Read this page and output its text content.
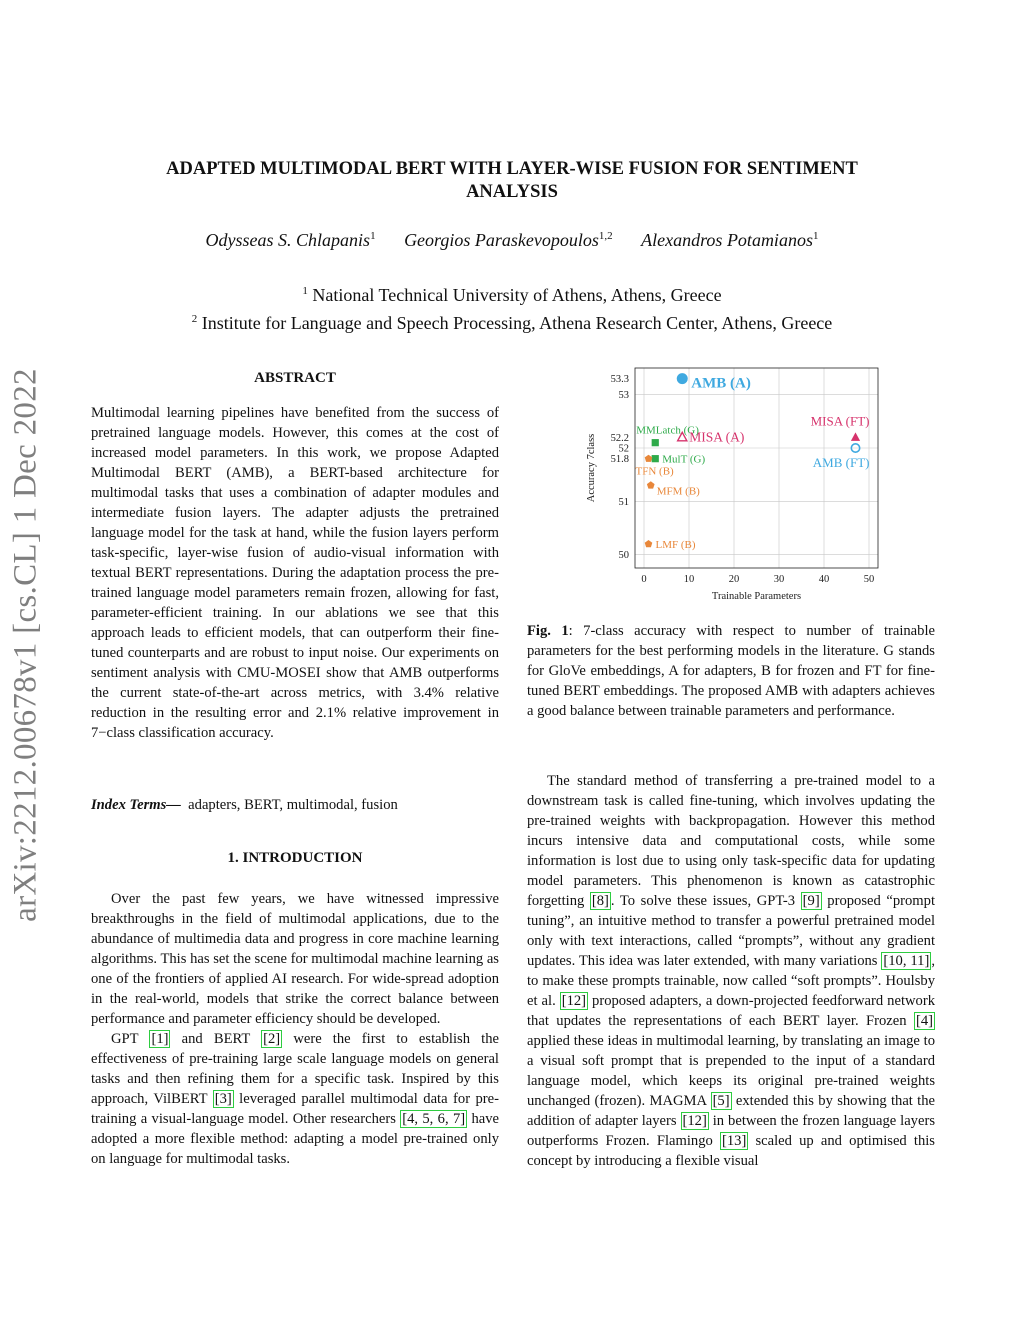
arXiv:2212.00678v1 [cs.CL] 1 Dec 2022
ADAPTED MULTIMODAL BERT WITH LAYER-WISE FUSION FOR SENTIMENT ANALYSIS
Odysseas S. Chlapanis$^1$ Georgios Paraskevopoulos$^{1,2}$ Alexandros Potamianos$^1$
$^1$ National Technical University of Athens, Athens, Greece
$^2$ Institute for Language and Speech Processing, Athena Research Center, Athens, Greece
ABSTRACT
Multimodal learning pipelines have benefited from the success of pretrained language models. However, this comes at the cost of increased model parameters. In this work, we propose Adapted Multimodal BERT (AMB), a BERT-based architecture for multimodal tasks that uses a combination of adapter modules and intermediate fusion layers. The adapter adjusts the pretrained language model for the task at hand, while the fusion layers perform task-specific, layer-wise fusion of audio-visual information with textual BERT representations. During the adaptation process the pre-trained language model parameters remain frozen, allowing for fast, parameter-efficient training. In our ablations we see that this approach leads to efficient models, that can outperform their fine-tuned counterparts and are robust to input noise. Our experiments on sentiment analysis with CMU-MOSEI show that AMB outperforms the current state-of-the-art across metrics, with 3.4% relative reduction in the resulting error and 2.1% relative improvement in 7−class classification accuracy.
Index Terms— adapters, BERT, multimodal, fusion
1. INTRODUCTION

Over the past few years, we have witnessed impressive breakthroughs in the field of multimodal applications, due to the abundance of multimedia data and progress in core machine learning algorithms. This has set the scene for multimodal machine learning as one of the frontiers of applied AI research. For wide-spread adoption in the real-world, models that strike the correct balance between performance and parameter efficiency should be developed.

GPT [1] and BERT [2] were the first to establish the effectiveness of pre-training large scale language models on general tasks and then refining them for a specific task. Inspired by this approach, VilBERT [3] leveraged parallel multimodal data for pre-training a visual-language model. Other researchers [4, 5, 6, 7] have adopted a more flexible method: adapting a model pre-trained only on language for multimodal tasks.

0	10	20	30	40	50
50
51
51.8
52
52.2
53
53.3
Trainable Parameters
Accuracy 7class
AMB (A)
MMLatch (G)
MISA (A)
MISA (FT)
AMB (FT)
MulT (G)
TFN (B)
MFM (B)
LMF (B)
Fig. 1: 7-class accuracy with respect to number of trainable parameters for the best performing models in the literature. G stands for GloVe embeddings, A for adapters, B for frozen and FT for fine-tuned BERT embeddings. The proposed AMB with adapters achieves a good balance between trainable parameters and performance.

The standard method of transferring a pre-trained model to a downstream task is called fine-tuning, which involves updating the pre-trained weights with backpropagation. However this method incurs intensive data and computational costs, while some information is lost due to using only task-specific data for updating model parameters. This phenomenon is known as catastrophic forgetting [8] . To solve these issues, GPT-3 [9] proposed “prompt tuning”, an intuitive method to transfer a powerful pretrained model only with text interactions, called “prompts”, without any gradient updates. This idea was later extended, with many variations [10, 11] , to make these prompts trainable, now called “soft prompts”. Houlsby et al. [12] proposed adapters, a down-projected feedforward network that updates the representations of each BERT layer. Frozen [4] applied these ideas in multimodal learning, by translating an image to a visual soft prompt that is prepended to the input of a standard language model, which keeps its original pre-trained weights unchanged (frozen). MAGMA [5] extended this by showing that the addition of adapter layers [12] in between the frozen language layers outperforms Frozen. Flamingo [13] scaled up and optimised this concept by introducing a flexible visual
